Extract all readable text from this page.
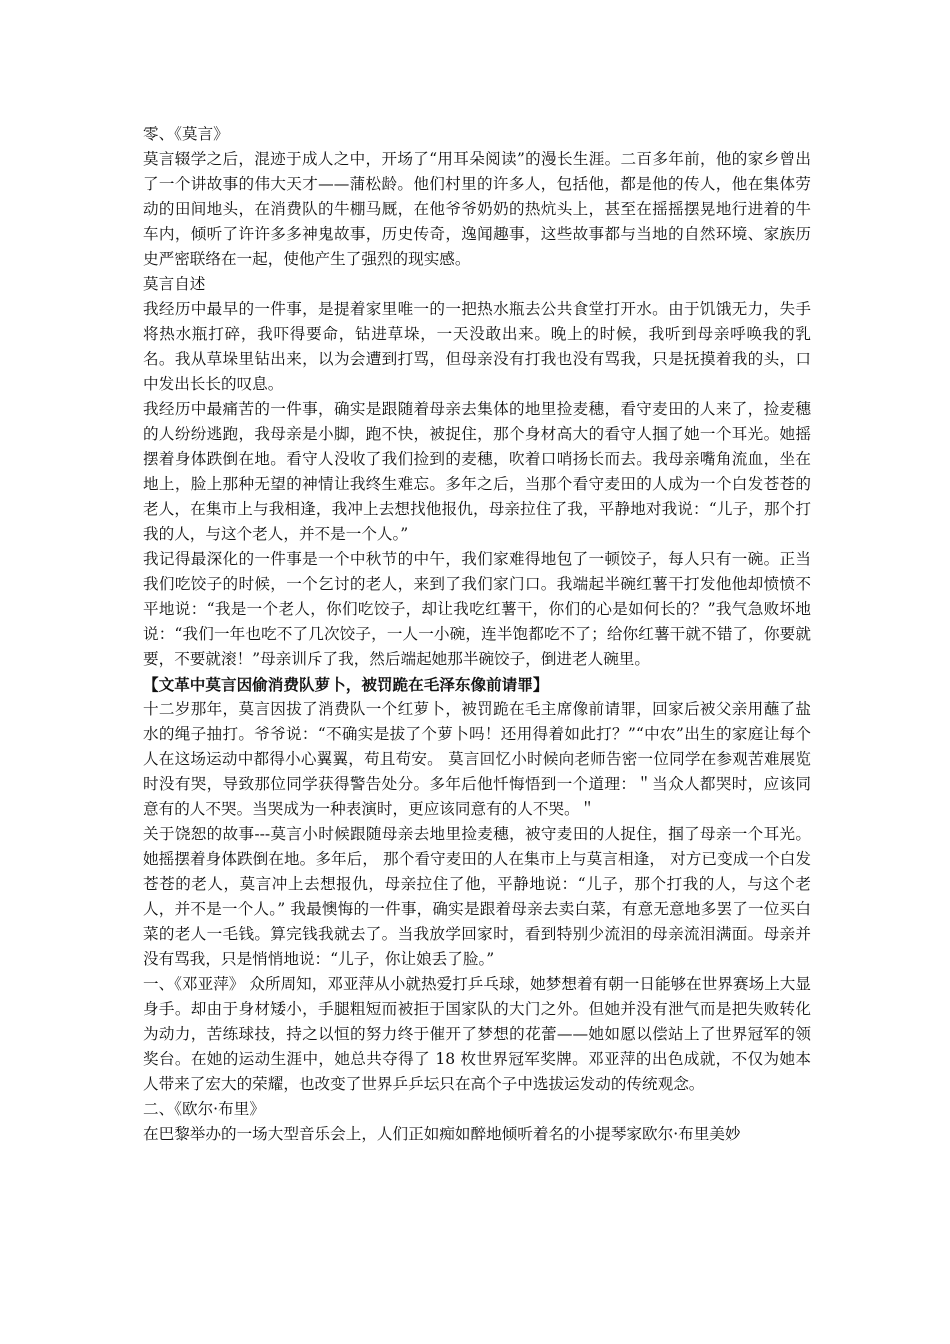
零、《莫言》

莫言辍学之后，混迹于成人之中，开场了“用耳朵阅读”的漫长生涯。二百多年前，他的家乡曾出了一个讲故事的伟大天才——蒲松龄。他们村里的许多人，包括他，都是他的传人，他在集体劳动的田间地头，在消费队的牛棚马厩，在他爷爷奶奶的热炕头上，甚至在摇摇摆晃地行进着的牛车内，倾听了许许多多神鬼故事，历史传奇，逸闻趣事，这些故事都与当地的自然环境、家族历史严密联络在一起，使他产生了强烈的现实感。

莫言自述

我经历中最早的一件事，是提着家里唯一的一把热水瓶去公共食堂打开水。由于饥饿无力，失手将热水瓶打碎，我吓得要命，钻进草垛，一天没敢出来。晚上的时候，我听到母亲呼唤我的乳名。我从草垛里钻出来，以为会遭到打骂，但母亲没有打我也没有骂我，只是抚摸着我的头，口中发出长长的叹息。

我经历中最痛苦的一件事，确实是跟随着母亲去集体的地里捡麦穗，看守麦田的人来了，捡麦穗的人纷纷逃跑，我母亲是小脚，跑不快，被捉住，那个身材高大的看守人掴了她一个耳光。她摇摆着身体跌倒在地。看守人没收了我们捡到的麦穗，吹着口哨扬长而去。我母亲嘴角流血，坐在地上，脸上那种无望的神情让我终生难忘。多年之后，当那个看守麦田的人成为一个白发苍苍的老人，在集市上与我相逢，我冲上去想找他报仇，母亲拉住了我，平静地对我说：“儿子，那个打我的人，与这个老人，并不是一个人。”

我记得最深化的一件事是一个中秋节的中午，我们家难得地包了一顿饺子，每人只有一碗。正当我们吃饺子的时候，一个乞讨的老人，来到了我们家门口。我端起半碗红薯干打发他他却愤愤不平地说：“我是一个老人，你们吃饺子，却让我吃红薯干，你们的心是如何长的？”我气急败坏地说：“我们一年也吃不了几次饺子，一人一小碗，连半饱都吃不了；给你红薯干就不错了，你要就要，不要就滚！”母亲训斥了我，然后端起她那半碗饺子，倒进老人碗里。

【文革中莫言因偷消费队萝卜，被罚跪在毛泽东像前请罪】

十二岁那年，莫言因拔了消费队一个红萝卜，被罚跪在毛主席像前请罪，回家后被父亲用蘸了盐水的绳子抽打。爷爷说：“不确实是拔了个萝卜吗！还用得着如此打？”“中农”出生的家庭让每个人在这场运动中都得小心翼翼，苟且苟安。 莫言回忆小时候向老师告密一位同学在参观苦难展览时没有哭，导致那位同学获得警告处分。多年后他忏悔悟到一个道理：＂当众人都哭时，应该同意有的人不哭。当哭成为一种表演时，更应该同意有的人不哭。＂

关于饶恕的故事---莫言小时候跟随母亲去地里捡麦穗，被守麦田的人捉住，掴了母亲一个耳光。她摇摆着身体跌倒在地。多年后， 那个看守麦田的人在集市上与莫言相逢， 对方已变成一个白发苍苍的老人，莫言冲上去想报仇，母亲拉住了他，平静地说：“儿子，那个打我的人，与这个老人，并不是一个人。” 我最懊悔的一件事，确实是跟着母亲去卖白菜，有意无意地多罢了一位买白菜的老人一毛钱。算完钱我就去了。当我放学回家时，看到特别少流泪的母亲流泪满面。母亲并没有骂我，只是悄悄地说：“儿子，你让娘丢了脸。”

一、《邓亚萍》 众所周知，邓亚萍从小就热爱打乒乓球，她梦想着有朝一日能够在世界赛场上大显身手。却由于身材矮小，手腿粗短而被拒于国家队的大门之外。但她并没有泄气而是把失败转化为动力，苦练球技，持之以恒的努力终于催开了梦想的花蕾——她如愿以偿站上了世界冠军的领奖台。在她的运动生涯中，她总共夺得了 18 枚世界冠军奖牌。邓亚萍的出色成就，不仅为她本人带来了宏大的荣耀，也改变了世界乒乒坛只在高个子中选拔运发动的传统观念。

二、《欧尔·布里》

在巴黎举办的一场大型音乐会上，人们正如痴如醉地倾听着名的小提琴家欧尔·布里美妙
